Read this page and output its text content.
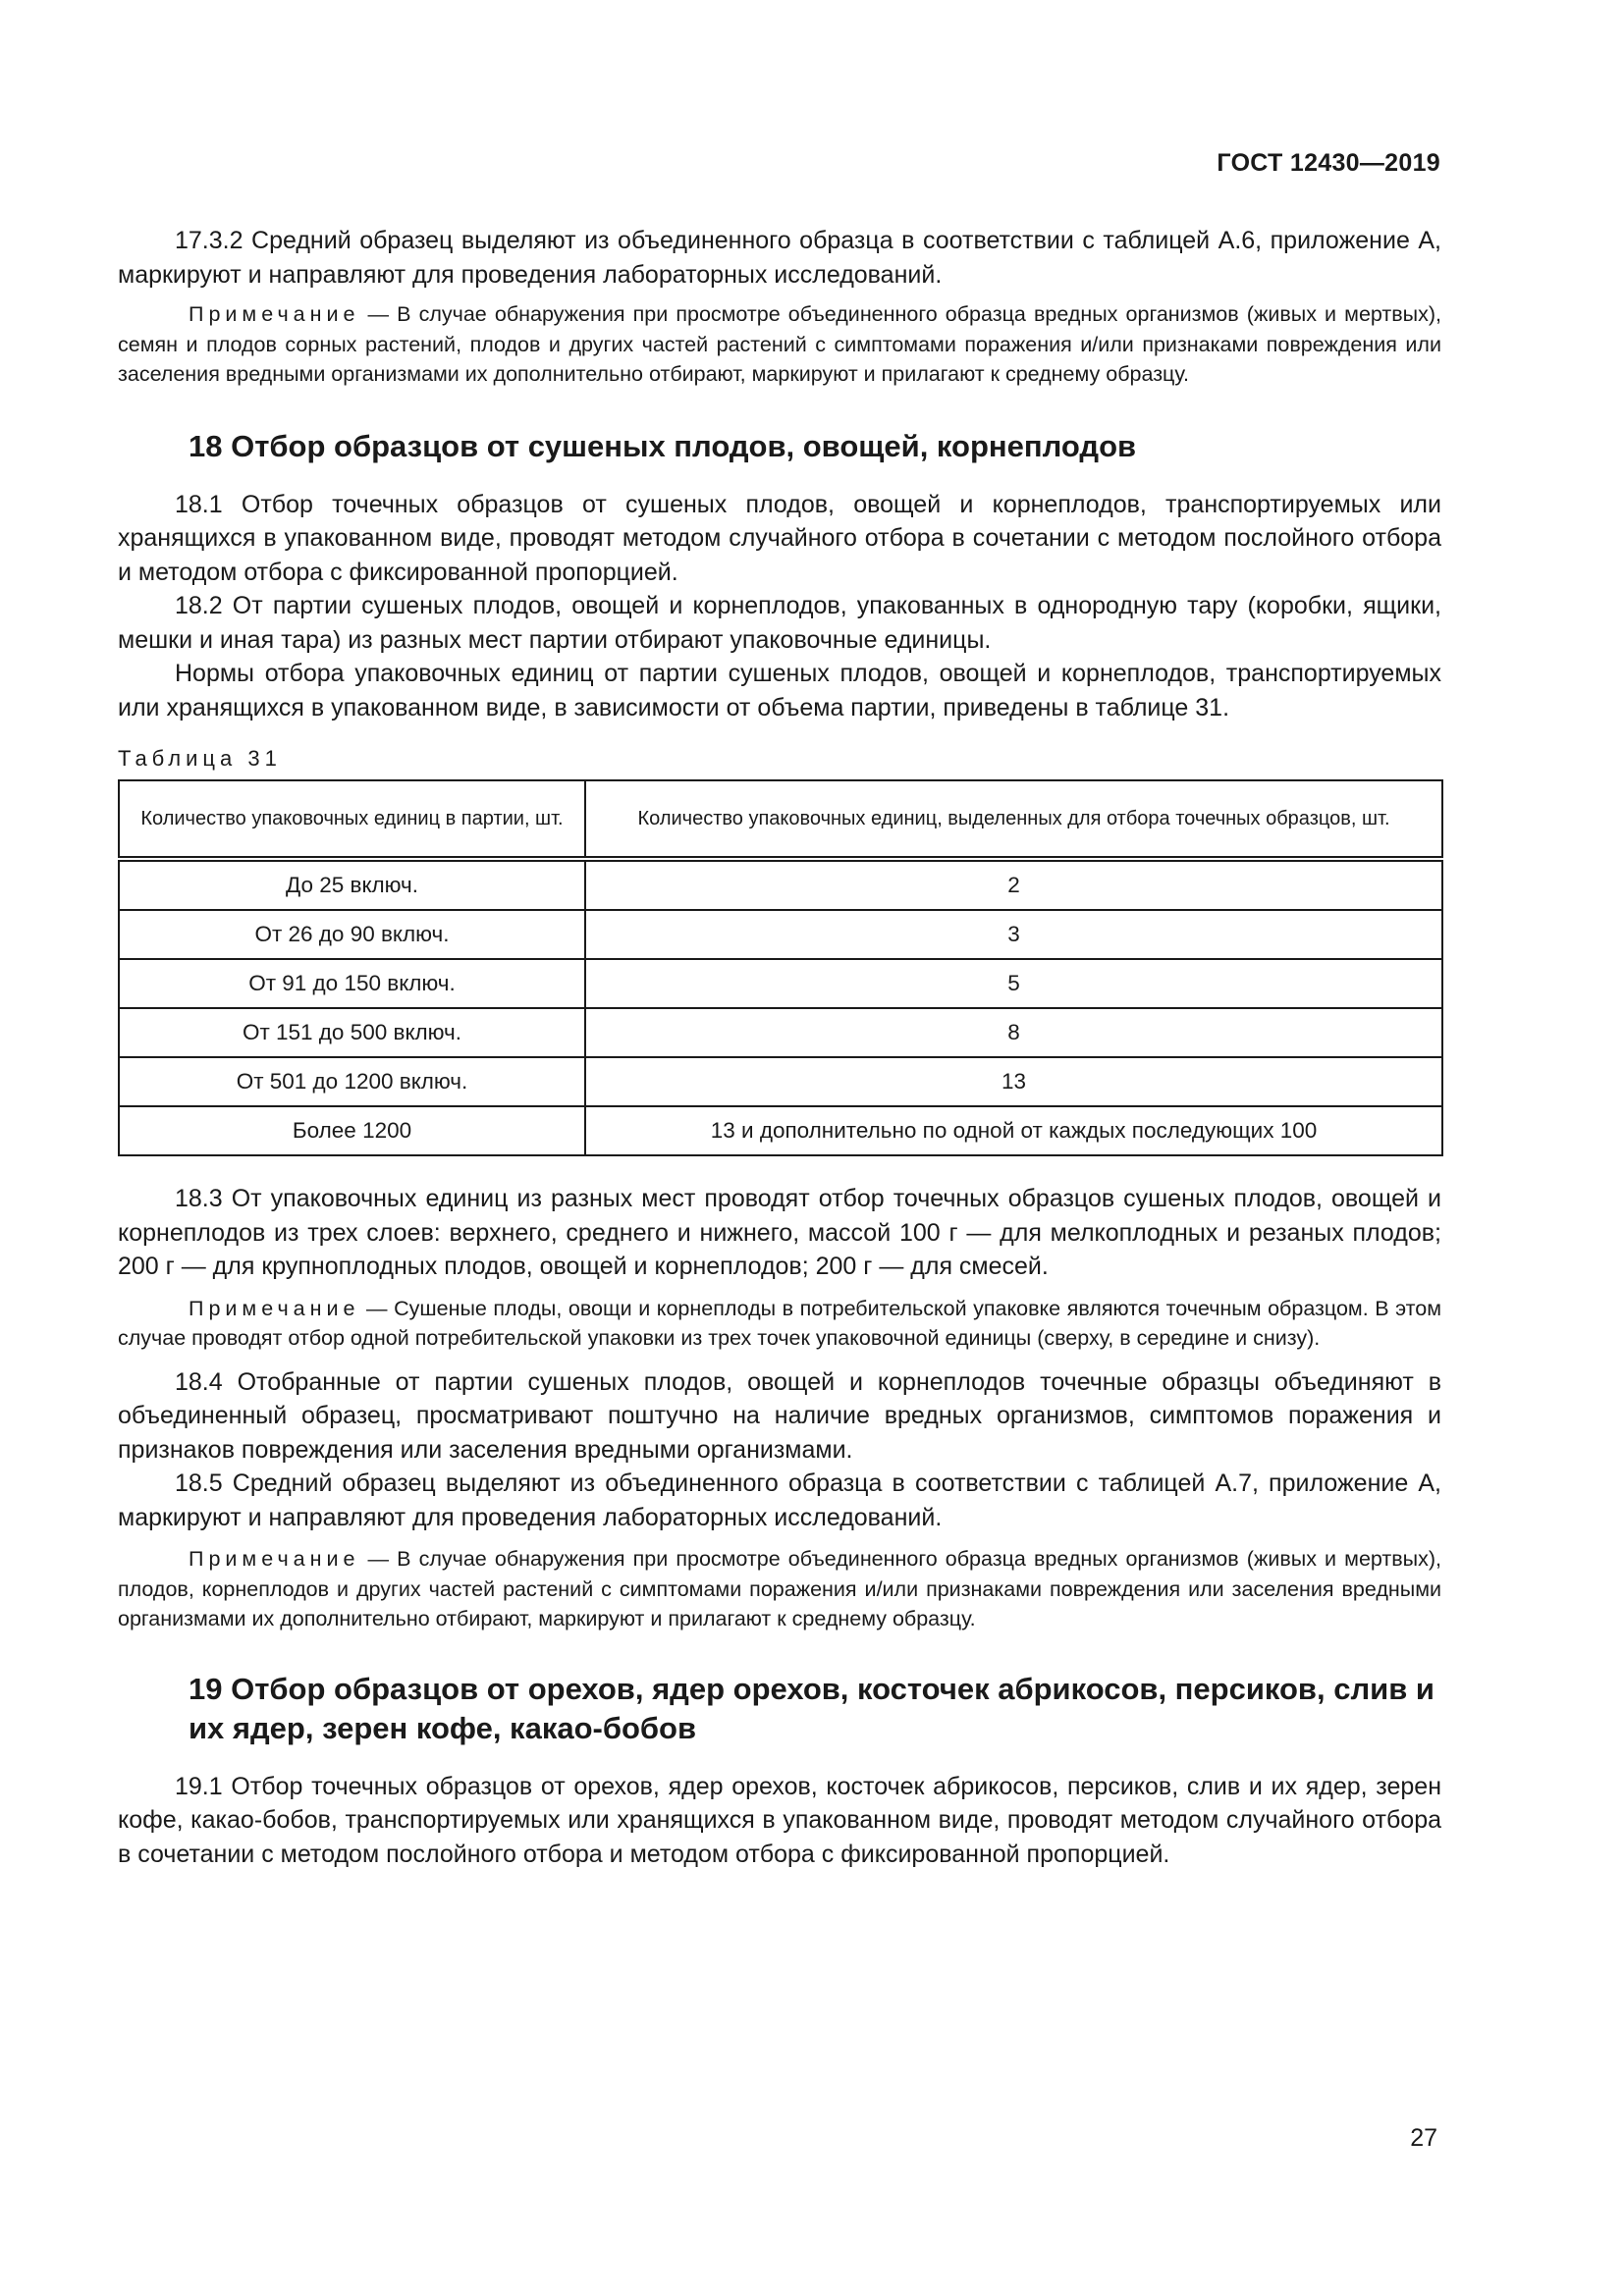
ГОСТ 12430—2019

17.3.2 Средний образец выделяют из объединенного образца в соответствии с таблицей А.6, приложение А, маркируют и направляют для проведения лабораторных исследований.

Примечание — В случае обнаружения при просмотре объединенного образца вредных организмов (живых и мертвых), семян и плодов сорных растений, плодов и других частей растений с симптомами поражения и/или признаками повреждения или заселения вредными организмами их дополнительно отбирают, маркируют и прилагают к среднему образцу.

18 Отбор образцов от сушеных плодов, овощей, корнеплодов

18.1 Отбор точечных образцов от сушеных плодов, овощей и корнеплодов, транспортируемых или хранящихся в упакованном виде, проводят методом случайного отбора в сочетании с методом послойного отбора и методом отбора с фиксированной пропорцией.

18.2 От партии сушеных плодов, овощей и корнеплодов, упакованных в однородную тару (коробки, ящики, мешки и иная тара) из разных мест партии отбирают упаковочные единицы.

Нормы отбора упаковочных единиц от партии сушеных плодов, овощей и корнеплодов, транспортируемых или хранящихся в упакованном виде, в зависимости от объема партии, приведены в таблице 31.

Таблица 31

Количество упаковочных единиц в партии, шт.	Количество упаковочных единиц, выделенных для отбора точечных образцов, шт.
До 25 включ.	2
От 26 до 90 включ.	3
От 91 до 150 включ.	5
От 151 до 500 включ.	8
От 501 до 1200 включ.	13
Более 1200	13 и дополнительно по одной от каждых последующих 100

18.3 От упаковочных единиц из разных мест проводят отбор точечных образцов сушеных плодов, овощей и корнеплодов из трех слоев: верхнего, среднего и нижнего, массой 100 г — для мелкоплодных и резаных плодов; 200 г — для крупноплодных плодов, овощей и корнеплодов; 200 г — для смесей.

Примечание — Сушеные плоды, овощи и корнеплоды в потребительской упаковке являются точечным образцом. В этом случае проводят отбор одной потребительской упаковки из трех точек упаковочной единицы (сверху, в середине и снизу).

18.4 Отобранные от партии сушеных плодов, овощей и корнеплодов точечные образцы объединяют в объединенный образец, просматривают поштучно на наличие вредных организмов, симптомов поражения и признаков повреждения или заселения вредными организмами.

18.5 Средний образец выделяют из объединенного образца в соответствии с таблицей А.7, приложение А, маркируют и направляют для проведения лабораторных исследований.

Примечание — В случае обнаружения при просмотре объединенного образца вредных организмов (живых и мертвых), плодов, корнеплодов и других частей растений с симптомами поражения и/или признаками повреждения или заселения вредными организмами их дополнительно отбирают, маркируют и прилагают к среднему образцу.

19 Отбор образцов от орехов, ядер орехов, косточек абрикосов, персиков, слив и их ядер, зерен кофе, какао-бобов

19.1 Отбор точечных образцов от орехов, ядер орехов, косточек абрикосов, персиков, слив и их ядер, зерен кофе, какао-бобов, транспортируемых или хранящихся в упакованном виде, проводят методом случайного отбора в сочетании с методом послойного отбора и методом отбора с фиксированной пропорцией.

27
